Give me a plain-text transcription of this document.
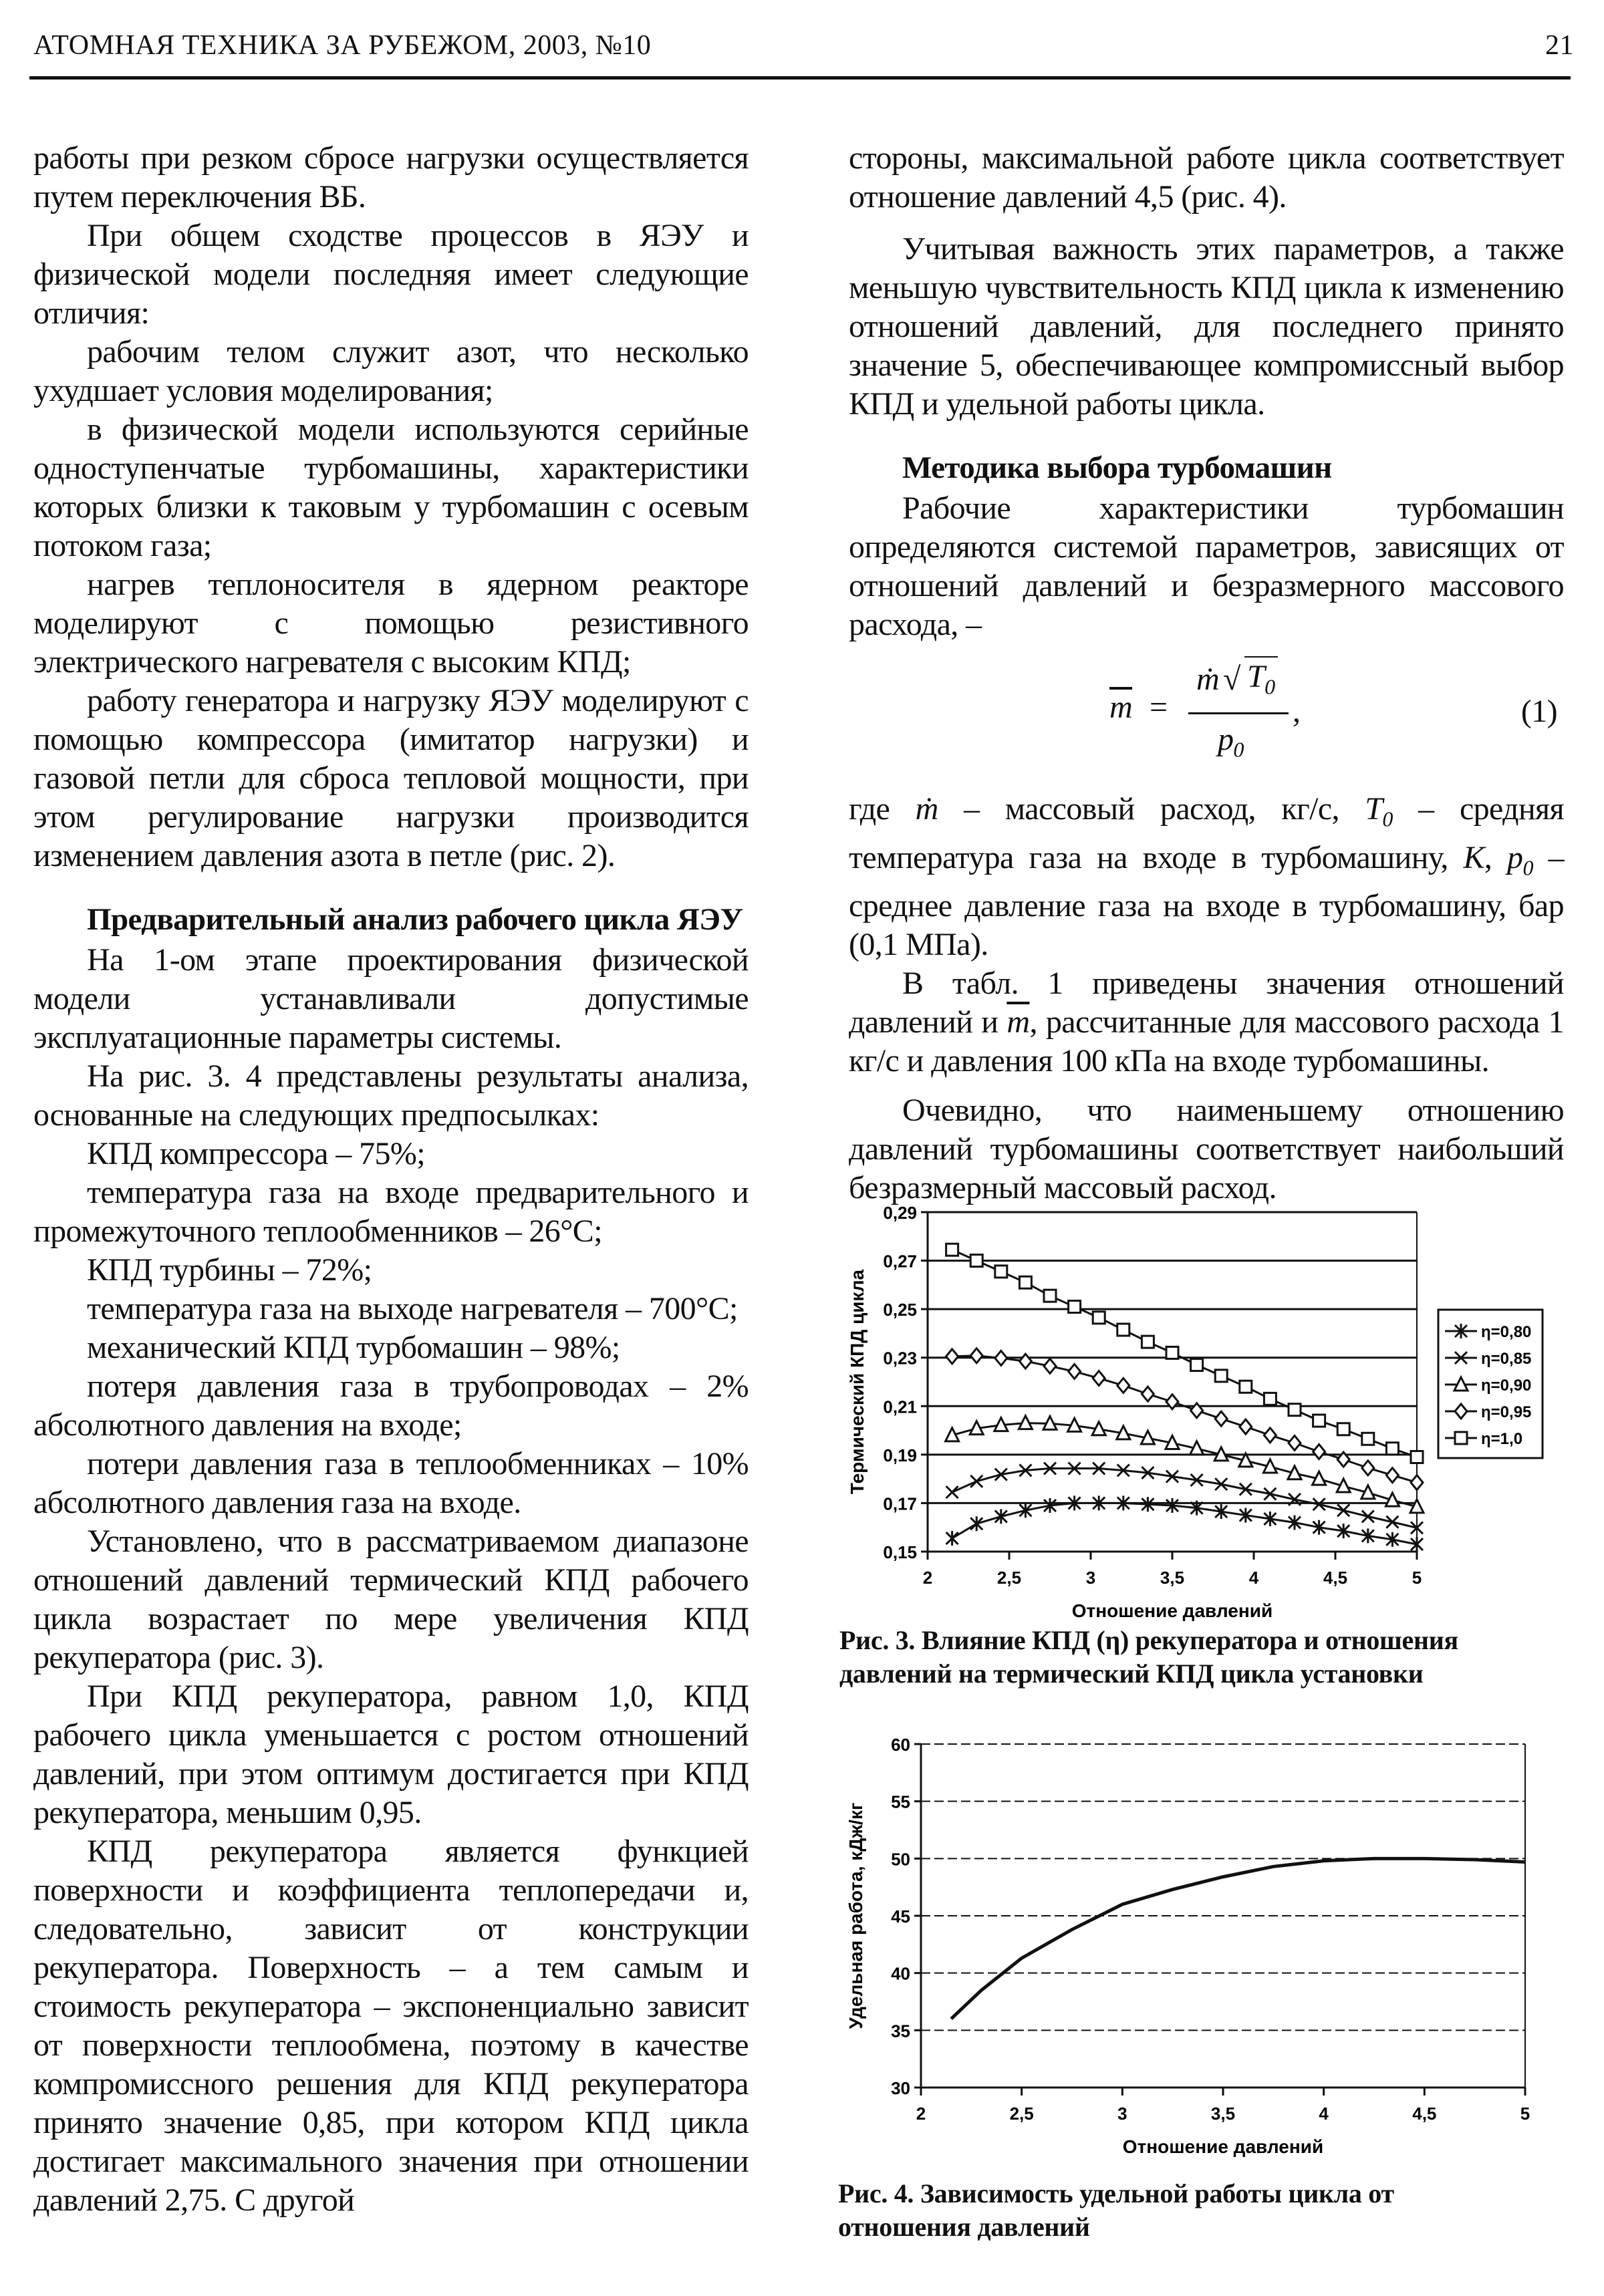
АТОМНАЯ ТЕХНИКА ЗА РУБЕЖОМ, 2003, №10	21

работы при резком сбросе нагрузки осуществляется путем переключения ВБ.

При общем сходстве процессов в ЯЭУ и физической модели последняя имеет следующие отличия:

рабочим телом служит азот, что несколько ухудшает условия моделирования;

в физической модели используются серийные одноступенчатые турбомашины, характеристики которых близки к таковым у турбомашин с осевым потоком газа;

нагрев теплоносителя в ядерном реакторе моделируют с помощью резистивного электрического нагревателя с высоким КПД;

работу генератора и нагрузку ЯЭУ моделируют с помощью компрессора (имитатор нагрузки) и газовой петли для сброса тепловой мощности, при этом регулирование нагрузки производится изменением давления азота в петле (рис. 2).

Предварительный анализ рабочего цикла ЯЭУ

На 1-ом этапе проектирования физической модели устанавливали допустимые эксплуатационные параметры системы.

На рис. 3. 4 представлены результаты анализа, основанные на следующих предпосылках:

КПД компрессора – 75%;

температура газа на входе предварительного и промежуточного теплообменников – 26°С;

КПД турбины – 72%;

температура газа на выходе нагревателя – 700°С;

механический КПД турбомашин – 98%;

потеря давления газа в трубопроводах – 2% абсолютного давления на входе;

потери давления газа в теплообменниках – 10% абсолютного давления газа на входе.

Установлено, что в рассматриваемом диапазоне отношений давлений термический КПД рабочего цикла возрастает по мере увеличения КПД рекуператора (рис. 3).

При КПД рекуператора, равном 1,0, КПД рабочего цикла уменьшается с ростом отношений давлений, при этом оптимум достигается при КПД рекуператора, меньшим 0,95.

КПД рекуператора является функцией поверхности и коэффициента теплопередачи и, следовательно, зависит от конструкции рекуператора. Поверхность – а тем самым и стоимость рекуператора – экспоненциально зависит от поверхности теплообмена, поэтому в качестве компромиссного решения для КПД рекуператора принято значение 0,85, при котором КПД цикла достигает максимального значения при отношении давлений 2,75. С другой

стороны, максимальной работе цикла соответствует отношение давлений 4,5 (рис. 4).

Учитывая важность этих параметров, а также меньшую чувствительность КПД цикла к изменению отношений давлений, для последнего принято значение 5, обеспечивающее компромиссный выбор КПД и удельной работы цикла.

Методика выбора турбомашин

Рабочие характеристики турбомашин определяются системой параметров, зависящих от отношений давлений и безразмерного массового расхода, –

$\overline{m}$ =
ṁ √ $T_0$
$p_0$
,	(1)

где ṁ – массовый расход, кг/с, $T_0$ – средняя температура газа на входе в турбомашину, K, $p_0$ – среднее давление газа на входе в турбомашину, бар (0,1 МПа).

В табл. 1 приведены значения отношений давлений и $\overline{m}$, рассчитанные для массового расхода 1 кг/с и давления 100 кПа на входе турбомашины.

Очевидно, что наименьшему отношению давлений турбомашины соответствует наибольший безразмерный массовый расход.

0,15
0,17
0,19
0,21
0,23
0,25
0,27
0,29
2	2,5	3	3,5	4	4,5	5
Отношение давлений
Термический КПД цикла	η=0,80
η=0,85
η=0,90
η=0,95
η=1,0
30
35
40
45
50
55
60
2	2,5	3	3,5	4	4,5	5
Отношение давлений
Удельная работа, кДж/кг
Рис. 3. Влияние КПД (η) рекуператора и отношения давлений на термический КПД цикла установки
Рис. 4. Зависимость удельной работы цикла от отношения давлений
